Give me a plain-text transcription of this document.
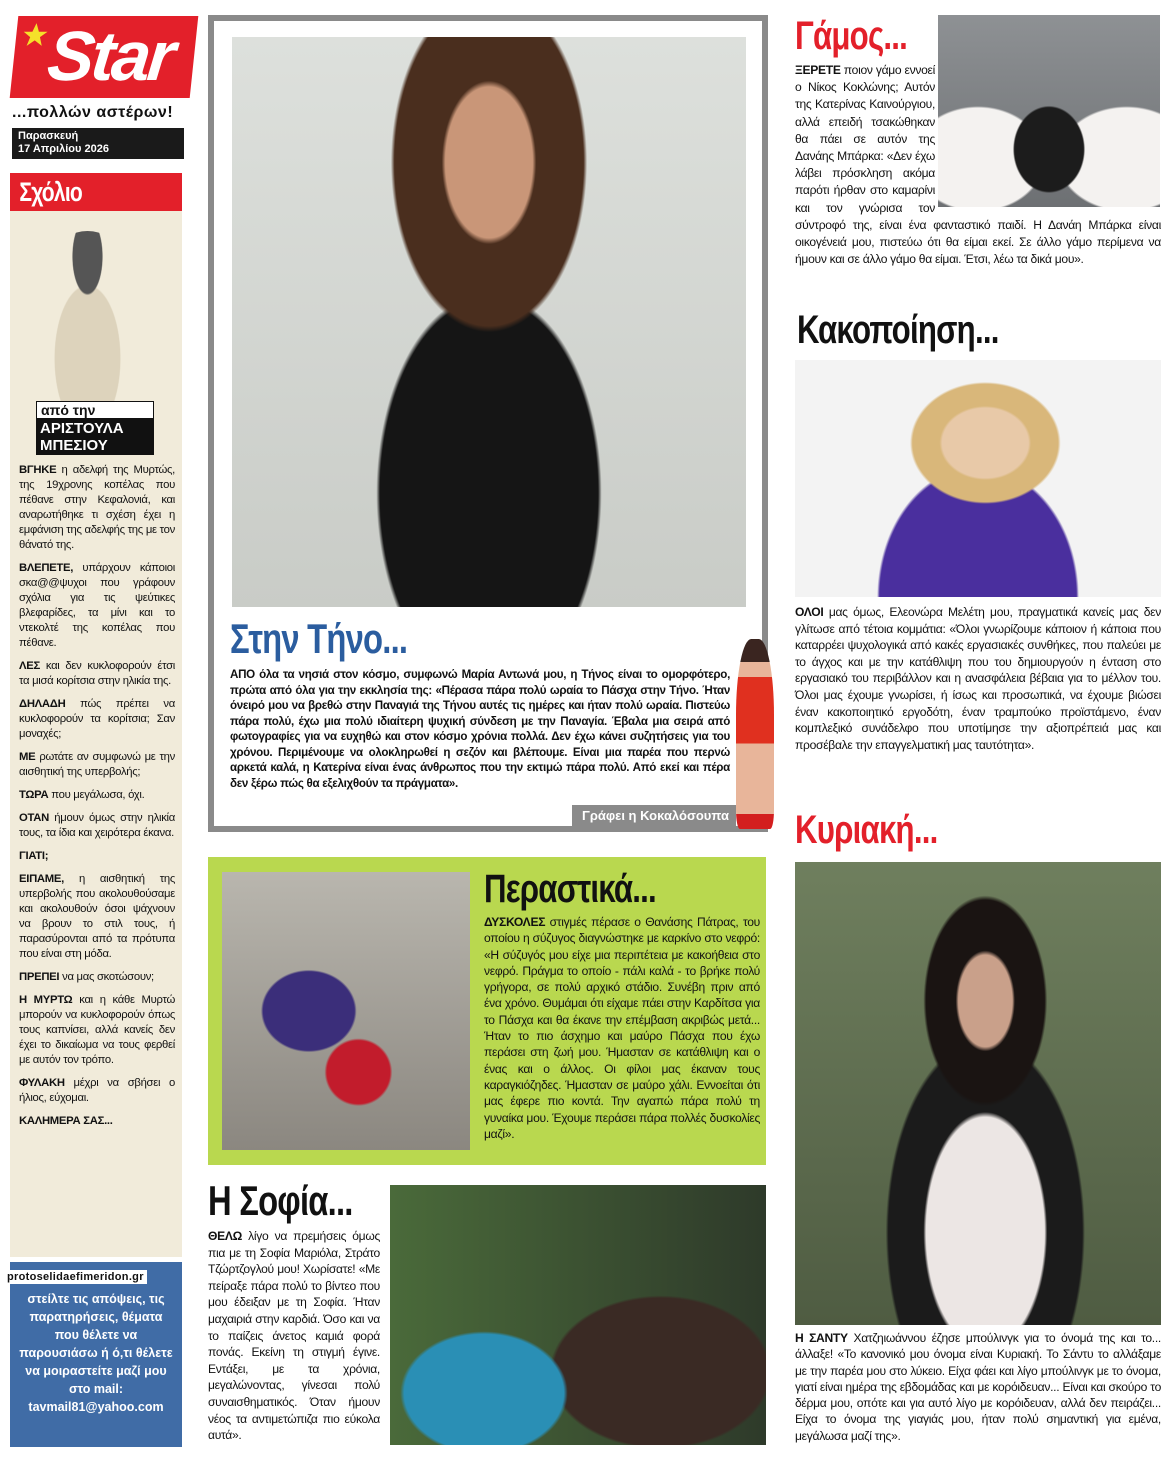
Star
...πολλών αστέρων!
Παρασκευή
17 Απριλίου 2026
Σχόλιο
από την
ΑΡΙΣΤΟΥΛΑ
ΜΠΕΣΙΟΥ

ΒΓΗΚΕ η αδελφή της Μυρτώς, της 19χρονης κοπέλας που πέθανε στην Κεφαλονιά, και αναρωτήθηκε τι σχέση έχει η εμφάνιση της αδελφής της με τον θάνατό της.

ΒΛΕΠΕΤΕ, υπάρχουν κάποιοι σκα@@ψυχοι που γράφουν σχόλια για τις ψεύτικες βλεφαρίδες, τα μίνι και το ντεκολτέ της κοπέλας που πέθανε.

ΛΕΣ και δεν κυκλοφορούν έτσι τα μισά κορίτσια στην ηλικία της.

ΔΗΛΑΔΗ πώς πρέπει να κυκλοφορούν τα κορίτσια; Σαν μοναχές;

ΜΕ ρωτάτε αν συμφωνώ με την αισθητική της υπερβολής;

ΤΩΡΑ που μεγάλωσα, όχι.

ΟΤΑΝ ήμουν όμως στην ηλικία τους, τα ίδια και χειρότερα έκανα.

ΓΙΑΤΙ;

ΕΙΠΑΜΕ, η αισθητική της υπερβολής που ακολουθούσαμε και ακολουθούν όσοι ψάχνουν να βρουν το στιλ τους, ή παρασύρονται από τα πρότυπα που είναι στη μόδα.

ΠΡΕΠΕΙ να μας σκοτώσουν;

Η ΜΥΡΤΩ και η κάθε Μυρτώ μπορούν να κυκλοφορούν όπως τους καπνίσει, αλλά κανείς δεν έχει το δικαίωμα να τους φερθεί με αυτόν τον τρόπο.

ΦΥΛΑΚΗ μέχρι να σβήσει ο ήλιος, εύχομαι.

ΚΑΛΗΜΕΡΑ ΣΑΣ...

στείλτε τις απόψεις, τις παρατηρήσεις, θέματα που θέλετε να παρουσιάσω ή ό,τι θέλετε να μοιραστείτε μαζί μου στο mail:
tavmail81@yahoo.com
protoselidaefimeridon.gr
Στην Τήνο...
ΑΠΟ όλα τα νησιά στον κόσμο, συμφωνώ Μαρία Αντωνά μου, η Τήνος είναι το ομορφότερο, πρώτα από όλα για την εκκλησία της: «Πέρασα πάρα πολύ ωραία το Πάσχα στην Τήνο. Ήταν όνειρό μου να βρεθώ στην Παναγιά της Τήνου αυτές τις ημέρες και ήταν πολύ ωραία. Πιστεύω πάρα πολύ, έχω μια πολύ ιδιαίτερη ψυχική σύνδεση με την Παναγία. Έβαλα μια σειρά από φωτογραφίες για να ευχηθώ και στον κόσμο χρόνια πολλά. Δεν έχω κάνει συζητήσεις για του χρόνου. Περιμένουμε να ολοκληρωθεί η σεζόν και βλέπουμε. Είναι μια παρέα που περνώ αρκετά καλά, η Κατερίνα είναι ένας άνθρωπος που την εκτιμώ πάρα πολύ. Από εκεί και πέρα δεν ξέρω πώς θα εξελιχθούν τα πράγματα».
Γράφει η Κοκαλόσουπα
Περαστικά...
ΔΥΣΚΟΛΕΣ στιγμές πέρασε ο Θανάσης Πάτρας, του οποίου η σύζυγος διαγνώστηκε με καρκίνο στο νεφρό: «Η σύζυγός μου είχε μια περιπέτεια με κακοήθεια στο νεφρό. Πράγμα το οποίο - πάλι καλά - το βρήκε πολύ γρήγορα, σε πολύ αρχικό στάδιο. Συνέβη πριν από ένα χρόνο. Θυμάμαι ότι είχαμε πάει στην Καρδίτσα για το Πάσχα και θα έκανε την επέμβαση ακριβώς μετά... Ήταν το πιο άσχημο και μαύρο Πάσχα που έχω περάσει στη ζωή μου. Ήμασταν σε κατάθλιψη και ο ένας και ο άλλος. Οι φίλοι μας έκαναν τους καραγκιόζηδες. Ήμασταν σε μαύρο χάλι. Εννοείται ότι μας έφερε πιο κοντά. Την αγαπώ πάρα πολύ τη γυναίκα μου. Έχουμε περάσει πάρα πολλές δυσκολίες μαζί».
Η Σοφία...
ΘΕΛΩ λίγο να πρεμήσεις όμως πια με τη Σοφία Μαριόλα, Στράτο Τζώρτζογλού μου! Χωρίσατε! «Με πείραξε πάρα πολύ το βίντεο που μου έδειξαν με τη Σοφία. Ήταν μαχαιριά στην καρδιά. Όσο και να το παίζεις άνετος καμιά φορά πονάς. Εκείνη τη στιγμή έγινε. Εντάξει, με τα χρόνια, μεγαλώνοντας, γίνεσαι πολύ συναισθηματικός. Όταν ήμουν νέος τα αντιμετώπιζα πιο εύκολα αυτά».
Γάμος...
ΞΕΡΕΤΕ ποιον γάμο εννοεί ο Νίκος Κοκλώνης; Αυτόν της Κατερίνας Καινούργιου, αλλά επειδή τσακώθηκαν θα πάει σε αυτόν της Δανάης Μπάρκα: «Δεν έχω λάβει πρόσκληση ακόμα παρότι ήρθαν στο καμαρίνι και τον γνώρισα τον σύντροφό της, είναι ένα φανταστικό παιδί. Η Δανάη Μπάρκα είναι οικογένειά μου, πιστεύω ότι θα είμαι εκεί. Σε άλλο γάμο περίμενα να ήμουν και σε άλλο γάμο θα είμαι. Έτσι, λέω τα δικά μου».
Κακοποίηση...
ΟΛΟΙ μας όμως, Ελεονώρα Μελέτη μου, πραγματικά κανείς μας δεν γλίτωσε από τέτοια κομμάτια: «Όλοι γνωρίζουμε κάποιον ή κάποια που καταρρέει ψυχολογικά από κακές εργασιακές συνθήκες, που παλεύει με το άγχος και με την κατάθλιψη που του δημιουργούν η ένταση στο εργασιακό του περιβάλλον και η ανασφάλεια βέβαια για το μέλλον του. Όλοι μας έχουμε γνωρίσει, ή ίσως και προσωπικά, να έχουμε βιώσει έναν κακοποιητικό εργοδότη, έναν τραμπούκο προϊστάμενο, έναν κομπλεξικό συνάδελφο που υποτίμησε την αξιοπρέπειά μας και προσέβαλε την επαγγελματική μας ταυτότητα».
Κυριακή...
Η ΣΑΝΤΥ Χατζηιωάννου έζησε μπούλινγκ για το όνομά της και το... άλλαξε! «Το κανονικό μου όνομα είναι Κυριακή. Το Σάντυ το αλλάξαμε με την παρέα μου στο λύκειο. Είχα φάει και λίγο μπούλινγκ με το όνομα, γιατί είναι ημέρα της εβδομάδας και με κορόιδευαν... Είναι και σκούρο το δέρμα μου, οπότε και για αυτό λίγο με κορόιδευαν, αλλά δεν πειράζει... Είχα το όνομα της γιαγιάς μου, ήταν πολύ σημαντική για εμένα, μεγάλωσα μαζί της».
